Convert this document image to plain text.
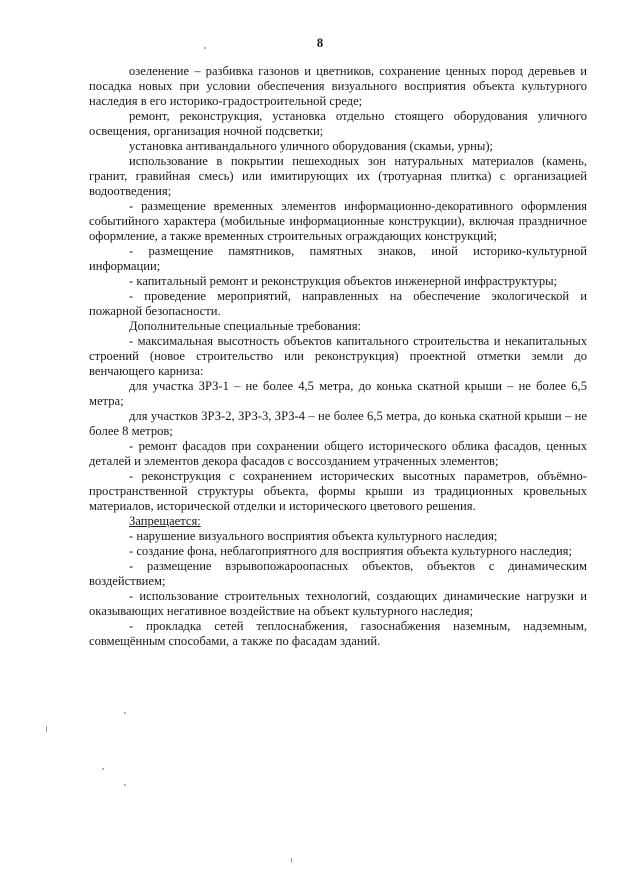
8

озеленение – разбивка газонов и цветников, сохранение ценных пород деревьев и посадка новых при условии обеспечения визуального восприятия объекта культурного наследия в его историко-градостроительной среде;

ремонт, реконструкция, установка отдельно стоящего оборудования уличного освещения, организация ночной подсветки;

установка антивандального уличного оборудования (скамьи, урны);

использование в покрытии пешеходных зон натуральных материалов (камень, гранит, гравийная смесь) или имитирующих их (тротуарная плитка) с организацией водоотведения;

- размещение временных элементов информационно-декоративного оформления событийного характера (мобильные информационные конструкции), включая праздничное оформление, а также временных строительных ограждающих конструкций;

- размещение памятников, памятных знаков, иной историко-культурной информации;

- капитальный ремонт и реконструкция объектов инженерной инфраструктуры;

- проведение мероприятий, направленных на обеспечение экологической и пожарной безопасности.

Дополнительные специальные требования:

- максимальная высотность объектов капитального строительства и некапитальных строений (новое строительство или реконструкция) проектной отметки земли до венчающего карниза:

для участка ЗРЗ-1 – не более 4,5 метра, до конька скатной крыши – не более 6,5 метра;

для участков ЗРЗ-2, ЗРЗ-3, ЗРЗ-4 – не более 6,5 метра, до конька скатной крыши – не более 8 метров;

- ремонт фасадов при сохранении общего исторического облика фасадов, ценных деталей и элементов декора фасадов с воссозданием утраченных элементов;

- реконструкция с сохранением исторических высотных параметров, объёмно-пространственной структуры объекта, формы крыши из традиционных кровельных материалов, исторической отделки и исторического цветового решения.

Запрещается:

- нарушение визуального восприятия объекта культурного наследия;

- создание фона, неблагоприятного для восприятия объекта культурного наследия;

- размещение взрывопожароопасных объектов, объектов с динамическим воздействием;

- использование строительных технологий, создающих динамические нагрузки и оказывающих негативное воздействие на объект культурного наследия;

- прокладка сетей теплоснабжения, газоснабжения наземным, надземным, совмещённым способами, а также по фасадам зданий.
